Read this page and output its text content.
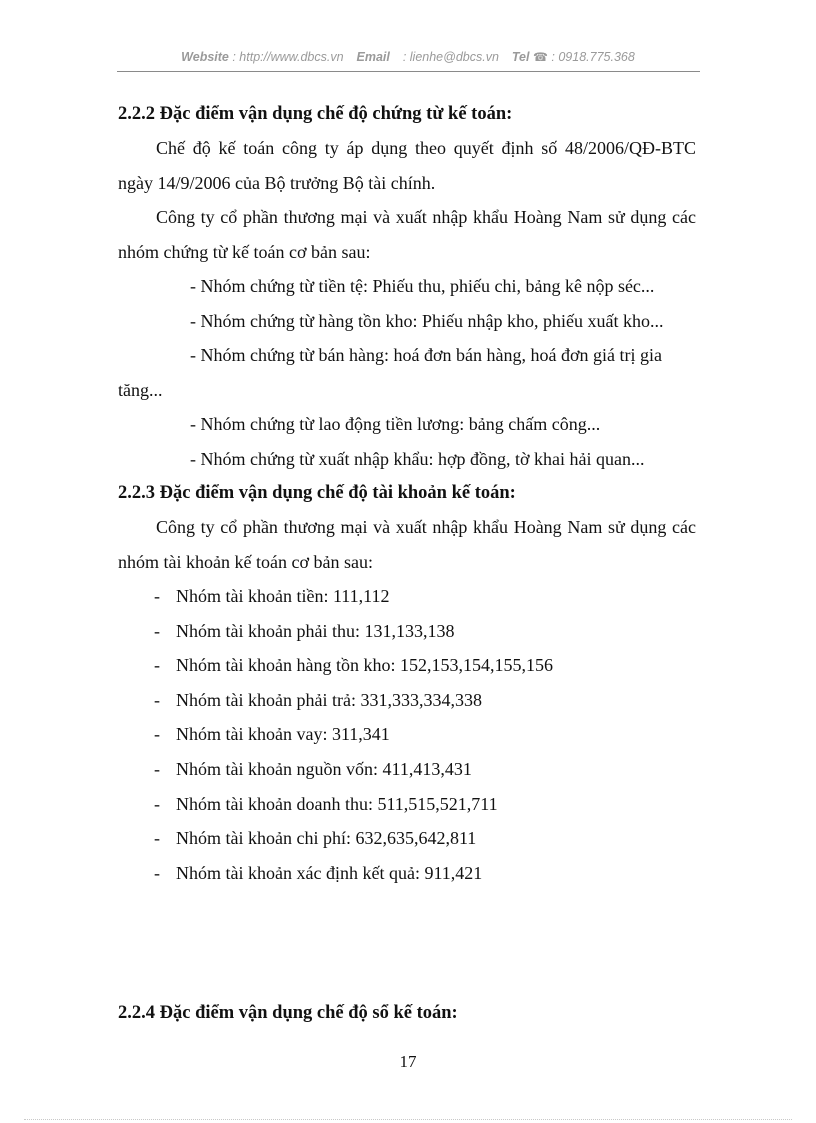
Website : http://www.dbcs.vn Email : lienhe@dbcs.vn Tel ☎ : 0918.775.368

2.2.2 Đặc điểm vận dụng chế độ chứng từ kế toán:

Chế độ kế toán công ty áp dụng theo quyết định số 48/2006/QĐ-BTC ngày 14/9/2006 của Bộ trưởng Bộ tài chính.

Công ty cổ phần thương mại và xuất nhập khẩu Hoàng Nam sử dụng các nhóm chứng từ kế toán cơ bản sau:

- Nhóm chứng từ tiền tệ: Phiếu thu, phiếu chi, bảng kê nộp séc...

- Nhóm chứng từ hàng tồn kho: Phiếu nhập kho, phiếu xuất kho...

- Nhóm chứng từ bán hàng: hoá đơn bán hàng, hoá đơn giá trị gia

tăng...

- Nhóm chứng từ lao động tiền lương: bảng chấm công...

- Nhóm chứng từ xuất nhập khẩu: hợp đồng, tờ khai hải quan...

2.2.3 Đặc điểm vận dụng chế độ tài khoản kế toán:

Công ty cổ phần thương mại và xuất nhập khẩu Hoàng Nam sử dụng các nhóm tài khoản kế toán cơ bản sau:

- Nhóm tài khoản tiền: 111,112
- Nhóm tài khoản phải thu: 131,133,138
- Nhóm tài khoản hàng tồn kho: 152,153,154,155,156
- Nhóm tài khoản phải trả: 331,333,334,338
- Nhóm tài khoản vay: 311,341
- Nhóm tài khoản nguồn vốn: 411,413,431
- Nhóm tài khoản doanh thu: 511,515,521,711
- Nhóm tài khoản chi phí: 632,635,642,811
- Nhóm tài khoản xác định kết quả: 911,421

2.2.4 Đặc điểm vận dụng chế độ sổ kế toán:

17
